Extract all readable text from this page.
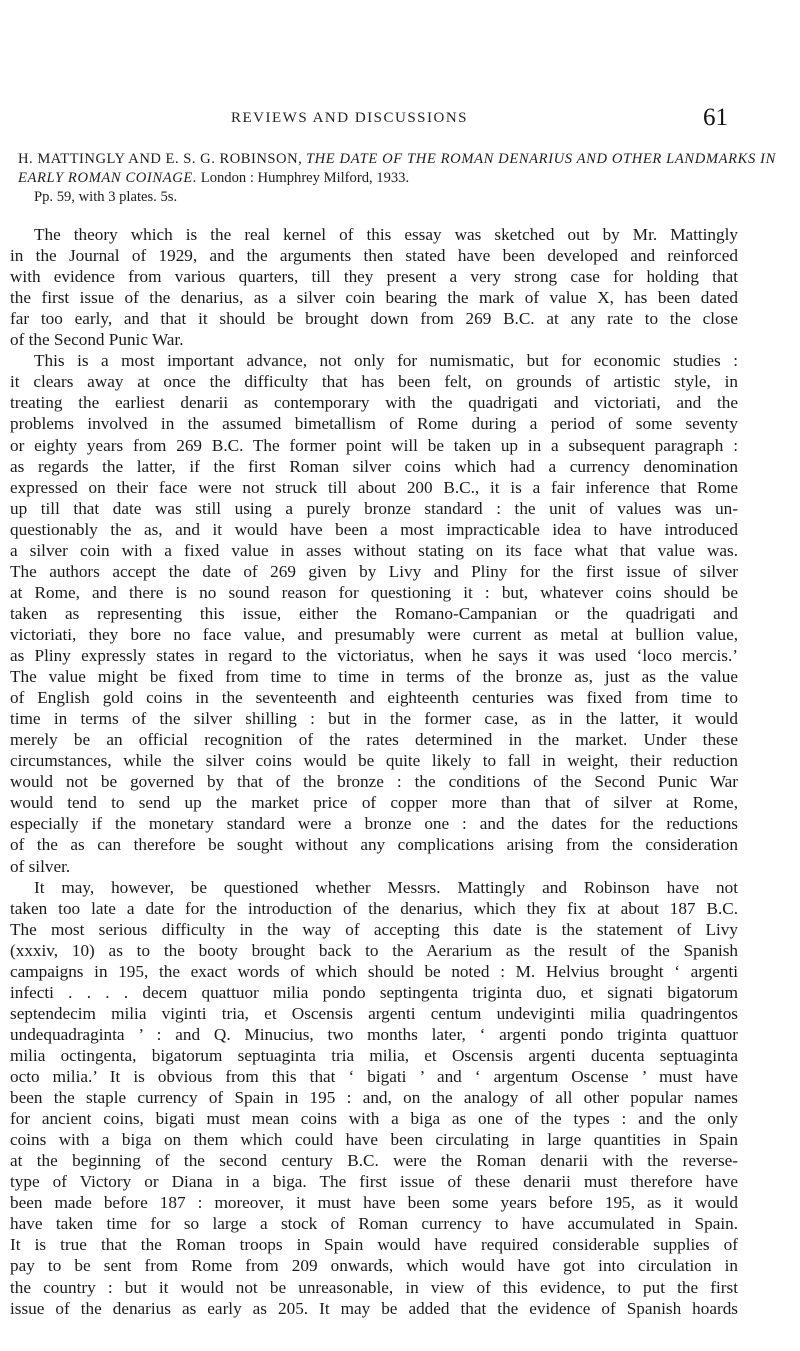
REVIEWS AND DISCUSSIONS	61
H. MATTINGLY AND E. S. G. ROBINSON, THE DATE OF THE ROMAN DENARIUS AND OTHER LANDMARKS IN EARLY ROMAN COINAGE. London : Humphrey Milford, 1933.
Pp. 59, with 3 plates. 5s.
The theory which is the real kernel of this essay was sketched out by Mr. Mattingly
in the Journal of 1929, and the arguments then stated have been developed and reinforced
with evidence from various quarters, till they present a very strong case for holding that
the first issue of the denarius, as a silver coin bearing the mark of value X, has been dated
far too early, and that it should be brought down from 269 B.C. at any rate to the close
of the Second Punic War.
This is a most important advance, not only for numismatic, but for economic studies :
it clears away at once the difficulty that has been felt, on grounds of artistic style, in
treating the earliest denarii as contemporary with the quadrigati and victoriati, and the
problems involved in the assumed bimetallism of Rome during a period of some seventy
or eighty years from 269 B.C. The former point will be taken up in a subsequent paragraph :
as regards the latter, if the first Roman silver coins which had a currency denomination
expressed on their face were not struck till about 200 B.C., it is a fair inference that Rome
up till that date was still using a purely bronze standard : the unit of values was un-
questionably the as, and it would have been a most impracticable idea to have introduced
a silver coin with a fixed value in asses without stating on its face what that value was.
The authors accept the date of 269 given by Livy and Pliny for the first issue of silver
at Rome, and there is no sound reason for questioning it : but, whatever coins should be
taken as representing this issue, either the Romano-Campanian or the quadrigati and
victoriati, they bore no face value, and presumably were current as metal at bullion value,
as Pliny expressly states in regard to the victoriatus, when he says it was used ‘loco mercis.’
The value might be fixed from time to time in terms of the bronze as, just as the value
of English gold coins in the seventeenth and eighteenth centuries was fixed from time to
time in terms of the silver shilling : but in the former case, as in the latter, it would
merely be an official recognition of the rates determined in the market. Under these
circumstances, while the silver coins would be quite likely to fall in weight, their reduction
would not be governed by that of the bronze : the conditions of the Second Punic War
would tend to send up the market price of copper more than that of silver at Rome,
especially if the monetary standard were a bronze one : and the dates for the reductions
of the as can therefore be sought without any complications arising from the consideration
of silver.
It may, however, be questioned whether Messrs. Mattingly and Robinson have not
taken too late a date for the introduction of the denarius, which they fix at about 187 B.C.
The most serious difficulty in the way of accepting this date is the statement of Livy
(xxxiv, 10) as to the booty brought back to the Aerarium as the result of the Spanish
campaigns in 195, the exact words of which should be noted : M. Helvius brought ‘ argenti
infecti . . . . decem quattuor milia pondo septingenta triginta duo, et signati bigatorum
septendecim milia viginti tria, et Oscensis argenti centum undeviginti milia quadringentos
undequadraginta ’ : and Q. Minucius, two months later, ‘ argenti pondo triginta quattuor
milia octingenta, bigatorum septuaginta tria milia, et Oscensis argenti ducenta septuaginta
octo milia.’ It is obvious from this that ‘ bigati ’ and ‘ argentum Oscense ’ must have
been the staple currency of Spain in 195 : and, on the analogy of all other popular names
for ancient coins, bigati must mean coins with a biga as one of the types : and the only
coins with a biga on them which could have been circulating in large quantities in Spain
at the beginning of the second century B.C. were the Roman denarii with the reverse-
type of Victory or Diana in a biga. The first issue of these denarii must therefore have
been made before 187 : moreover, it must have been some years before 195, as it would
have taken time for so large a stock of Roman currency to have accumulated in Spain.
It is true that the Roman troops in Spain would have required considerable supplies of
pay to be sent from Rome from 209 onwards, which would have got into circulation in
the country : but it would not be unreasonable, in view of this evidence, to put the first
issue of the denarius as early as 205. It may be added that the evidence of Spanish hoards
